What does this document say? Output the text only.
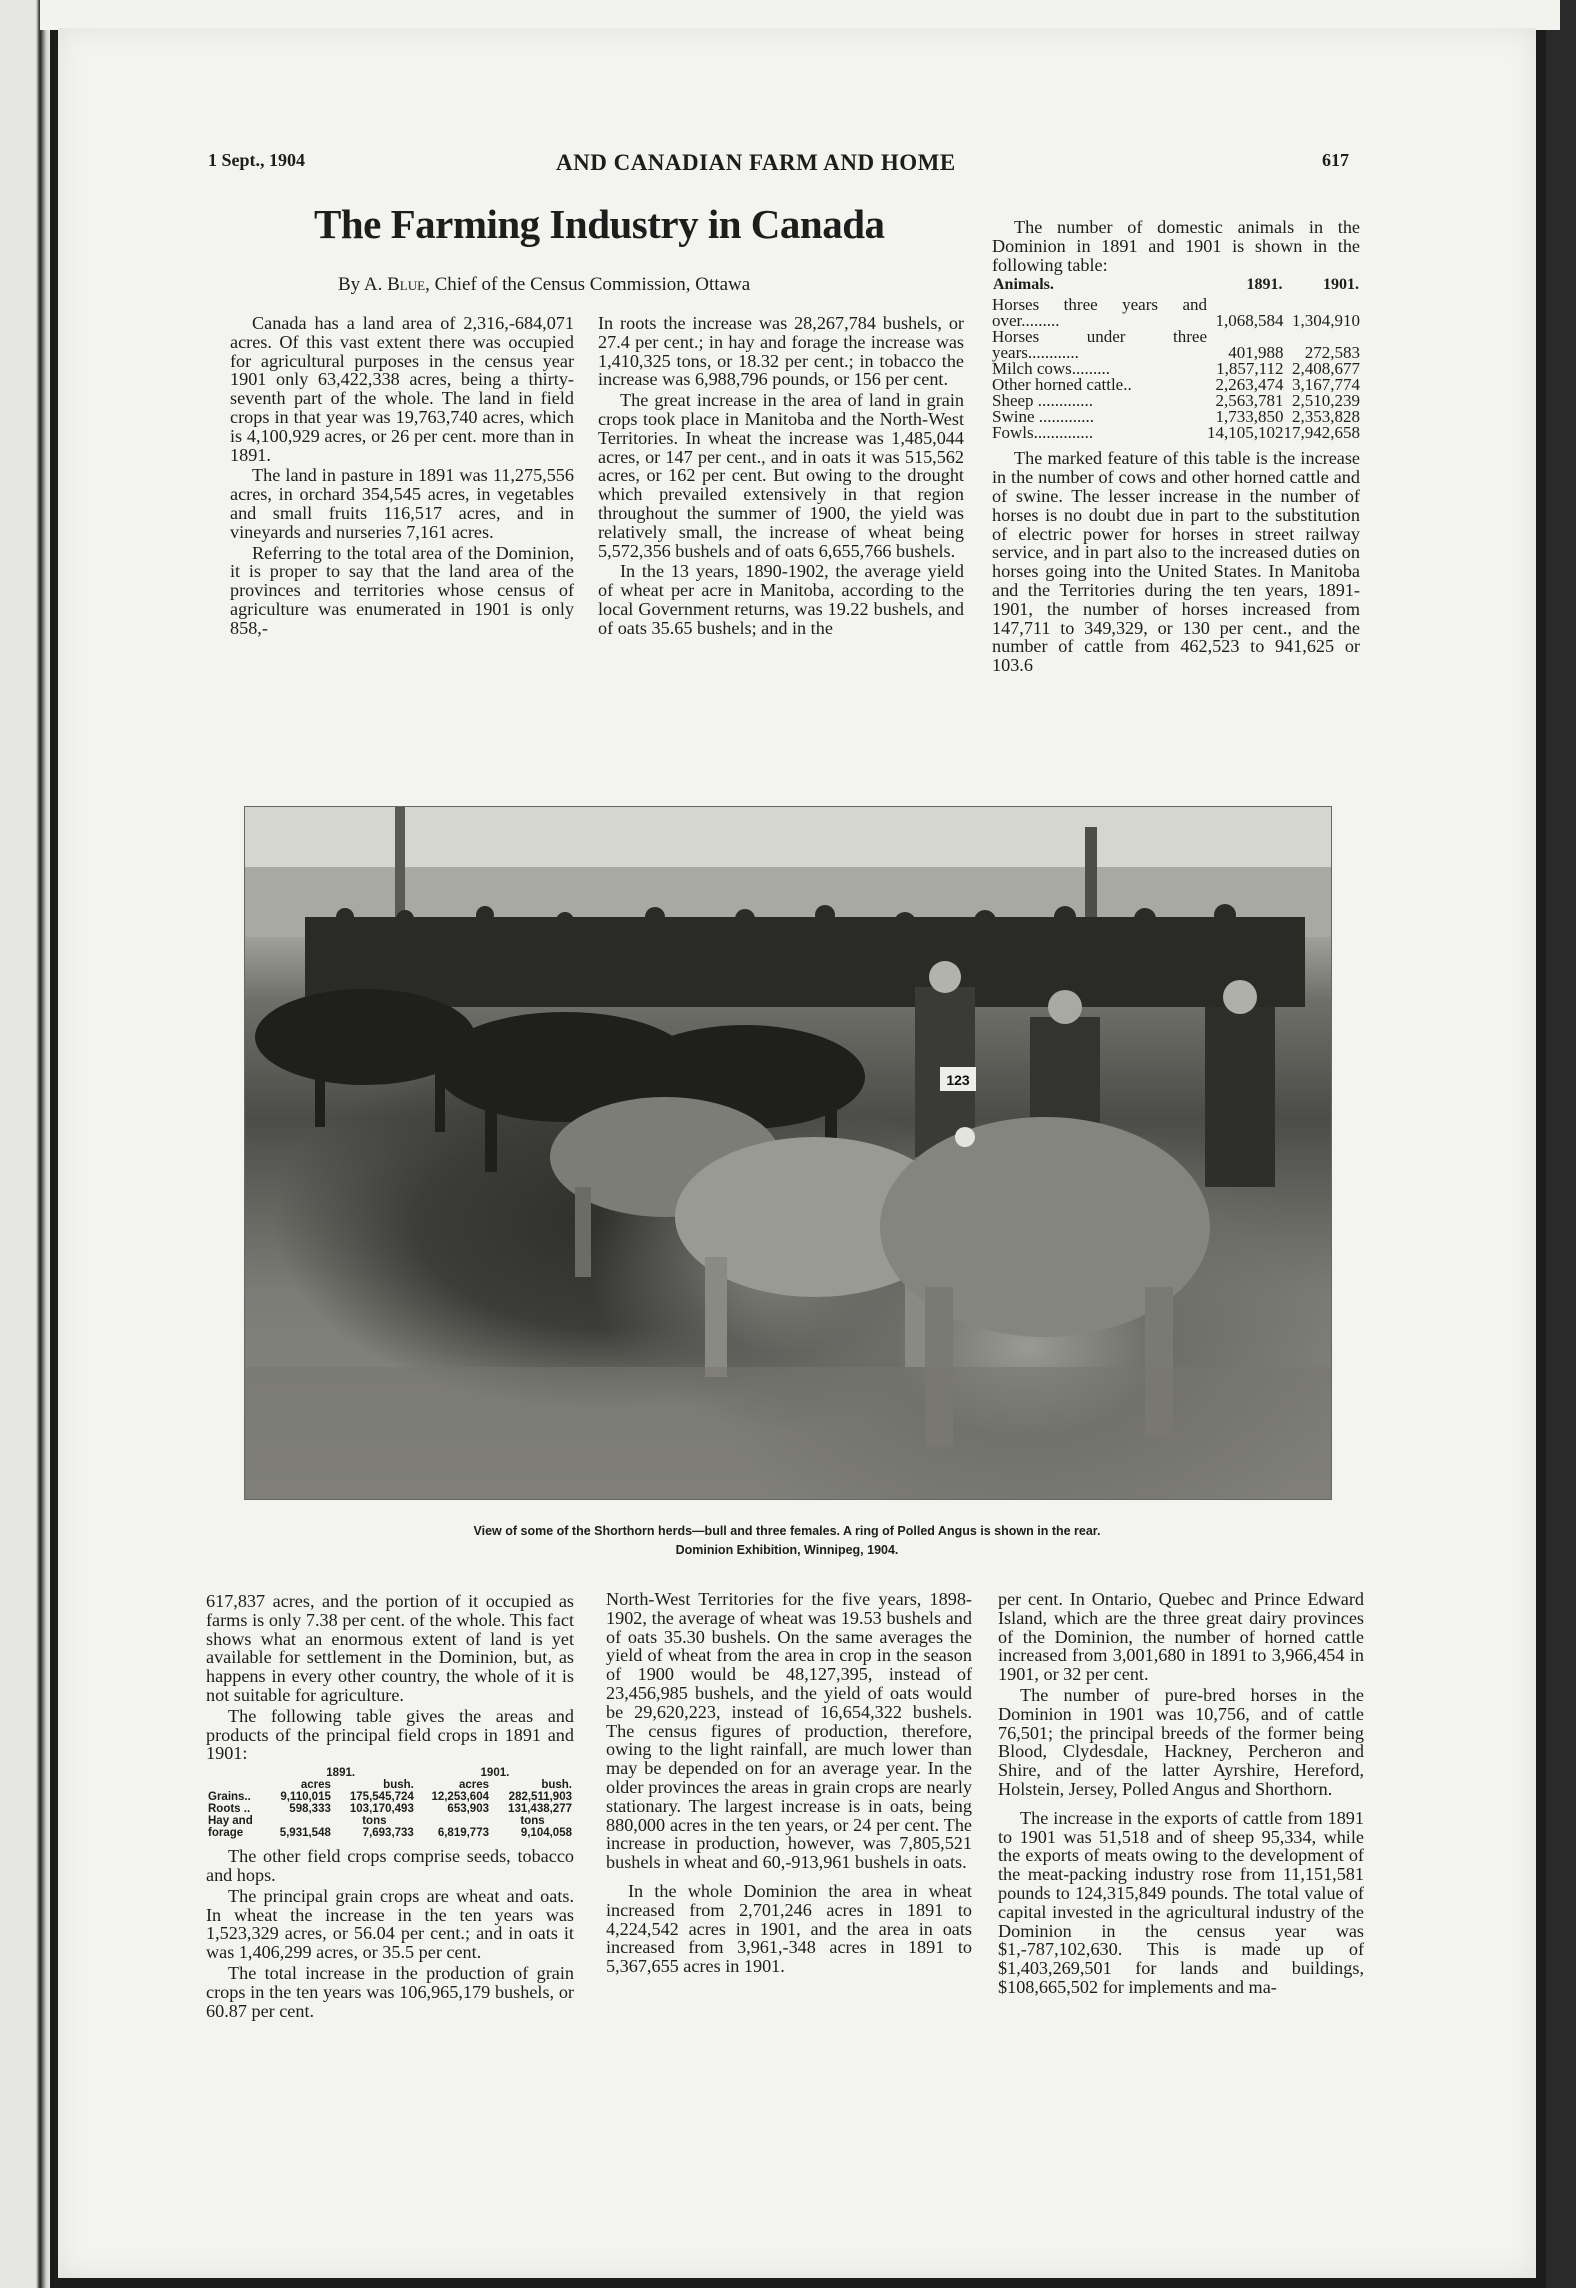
1 Sept., 1904	AND CANADIAN FARM AND HOME	617
The Farming Industry in Canada
By A. Blue, Chief of the Census Commission, Ottawa

Canada has a land area of 2,316,-684,071 acres. Of this vast extent there was occupied for agricultural purposes in the census year 1901 only 63,422,338 acres, being a thirty-seventh part of the whole. The land in field crops in that year was 19,763,740 acres, which is 4,100,929 acres, or 26 per cent. more than in 1891.

The land in pasture in 1891 was 11,275,556 acres, in orchard 354,545 acres, in vegetables and small fruits 116,517 acres, and in vineyards and nurseries 7,161 acres.

Referring to the total area of the Dominion, it is proper to say that the land area of the provinces and territories whose census of agriculture was enumerated in 1901 is only 858,-

In roots the increase was 28,267,784 bushels, or 27.4 per cent.; in hay and forage the increase was 1,410,325 tons, or 18.32 per cent.; in tobacco the increase was 6,988,796 pounds, or 156 per cent.

The great increase in the area of land in grain crops took place in Manitoba and the North-West Territories. In wheat the increase was 1,485,044 acres, or 147 per cent., and in oats it was 515,562 acres, or 162 per cent. But owing to the drought which prevailed extensively in that region throughout the summer of 1900, the yield was relatively small, the increase of wheat being 5,572,356 bushels and of oats 6,655,766 bushels.

In the 13 years, 1890-1902, the average yield of wheat per acre in Manitoba, according to the local Government returns, was 19.22 bushels, and of oats 35.65 bushels; and in the

The number of domestic animals in the Dominion in 1891 and 1901 is shown in the following table:

Animals.	1891.	1901.
Horses three years and over.........	1,068,584	1,304,910
Horses under three years............	401,988	272,583
Milch cows.........	1,857,112	2,408,677
Other horned cattle..	2,263,474	3,167,774
Sheep .............	2,563,781	2,510,239
Swine .............	1,733,850	2,353,828
Fowls..............	14,105,102	17,942,658

The marked feature of this table is the increase in the number of cows and other horned cattle and of swine. The lesser increase in the number of horses is no doubt due in part to the substitution of electric power for horses in street railway service, and in part also to the increased duties on horses going into the United States. In Manitoba and the Territories during the ten years, 1891-1901, the number of horses increased from 147,711 to 349,329, or 130 per cent., and the number of cattle from 462,523 to 941,625 or 103.6

123
View of some of the Shorthorn herds—bull and three females. A ring of Polled Angus is shown in the rear.
Dominion Exhibition, Winnipeg, 1904.

617,837 acres, and the portion of it occupied as farms is only 7.38 per cent. of the whole. This fact shows what an enormous extent of land is yet available for settlement in the Dominion, but, as happens in every other country, the whole of it is not suitable for agriculture.

The following table gives the areas and products of the principal field crops in 1891 and 1901:

	1891.		1901.	
	acres	bush.	acres	bush.
Grains..	9,110,015	175,545,724	12,253,604	282,511,903
Roots ..	598,333	103,170,493	653,903	131,438,277
Hay and		tons		tons
forage	5,931,548	7,693,733	6,819,773	9,104,058

The other field crops comprise seeds, tobacco and hops.

The principal grain crops are wheat and oats. In wheat the increase in the ten years was 1,523,329 acres, or 56.04 per cent.; and in oats it was 1,406,299 acres, or 35.5 per cent.

The total increase in the production of grain crops in the ten years was 106,965,179 bushels, or 60.87 per cent.

North-West Territories for the five years, 1898-1902, the average of wheat was 19.53 bushels and of oats 35.30 bushels. On the same averages the yield of wheat from the area in crop in the season of 1900 would be 48,127,395, instead of 23,456,985 bushels, and the yield of oats would be 29,620,223, instead of 16,654,322 bushels. The census figures of production, therefore, owing to the light rainfall, are much lower than may be depended on for an average year. In the older provinces the areas in grain crops are nearly stationary. The largest increase is in oats, being 880,000 acres in the ten years, or 24 per cent. The increase in production, however, was 7,805,521 bushels in wheat and 60,-913,961 bushels in oats.

In the whole Dominion the area in wheat increased from 2,701,246 acres in 1891 to 4,224,542 acres in 1901, and the area in oats increased from 3,961,-348 acres in 1891 to 5,367,655 acres in 1901.

per cent. In Ontario, Quebec and Prince Edward Island, which are the three great dairy provinces of the Dominion, the number of horned cattle increased from 3,001,680 in 1891 to 3,966,454 in 1901, or 32 per cent.

The number of pure-bred horses in the Dominion in 1901 was 10,756, and of cattle 76,501; the principal breeds of the former being Blood, Clydesdale, Hackney, Percheron and Shire, and of the latter Ayrshire, Hereford, Holstein, Jersey, Polled Angus and Shorthorn.

The increase in the exports of cattle from 1891 to 1901 was 51,518 and of sheep 95,334, while the exports of meats owing to the development of the meat-packing industry rose from 11,151,581 pounds to 124,315,849 pounds. The total value of capital invested in the agricultural industry of the Dominion in the census year was $1,-787,102,630. This is made up of $1,403,269,501 for lands and buildings, $108,665,502 for implements and ma-
